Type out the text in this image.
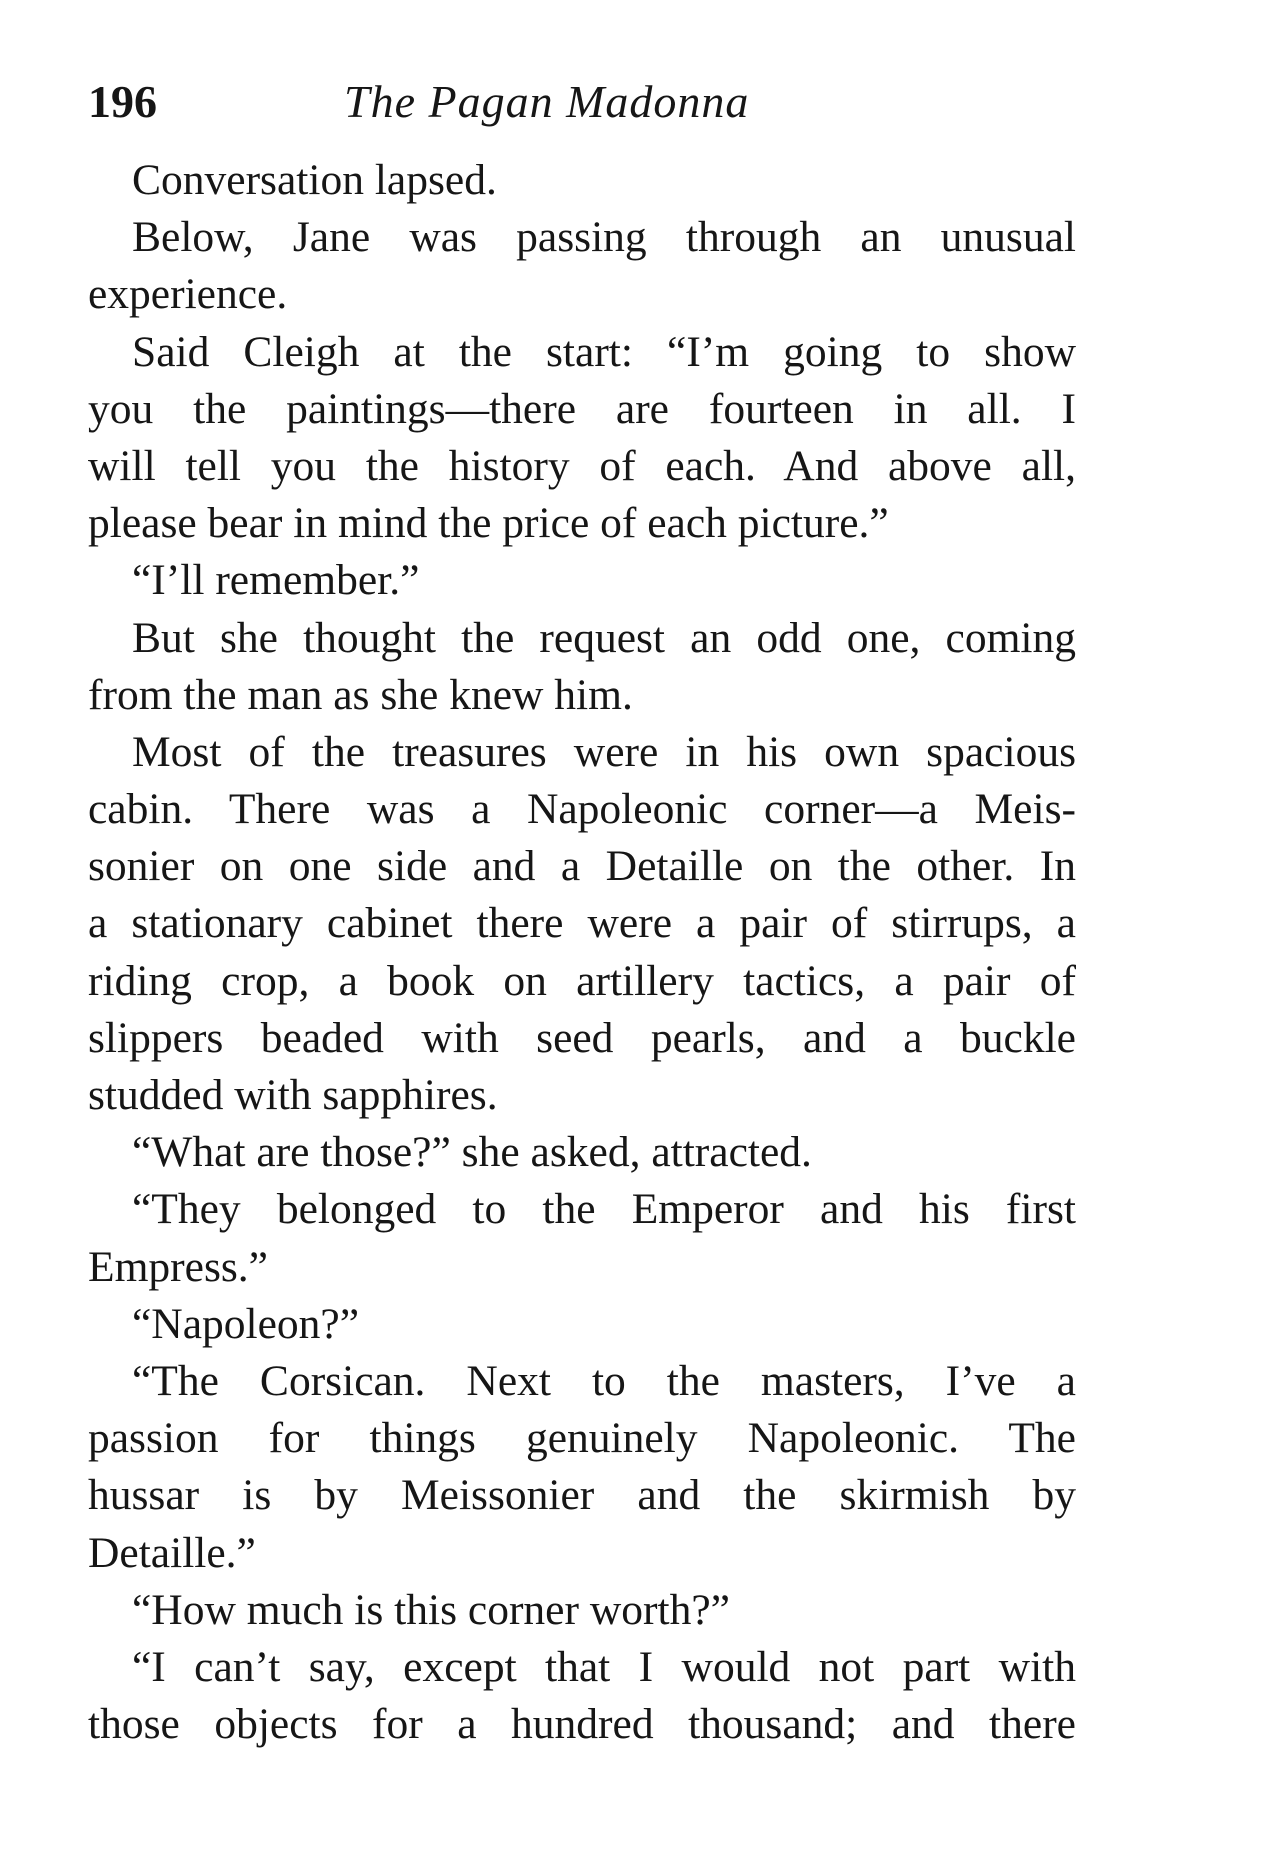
196	The Pagan Madonna
Conversation lapsed.
Below, Jane was passing through an unusual
experience.
Said Cleigh at the start: “I’m going to show
you the paintings—there are fourteen in all. I
will tell you the history of each. And above all,
please bear in mind the price of each picture.”
“I’ll remember.”
But she thought the request an odd one, coming
from the man as she knew him.
Most of the treasures were in his own spacious
cabin. There was a Napoleonic corner—a Meis-
sonier on one side and a Detaille on the other. In
a stationary cabinet there were a pair of stirrups, a
riding crop, a book on artillery tactics, a pair of
slippers beaded with seed pearls, and a buckle
studded with sapphires.
“What are those?” she asked, attracted.
“They belonged to the Emperor and his first
Empress.”
“Napoleon?”
“The Corsican. Next to the masters, I’ve a
passion for things genuinely Napoleonic. The
hussar is by Meissonier and the skirmish by
Detaille.”
“How much is this corner worth?”
“I can’t say, except that I would not part with
those objects for a hundred thousand; and there
